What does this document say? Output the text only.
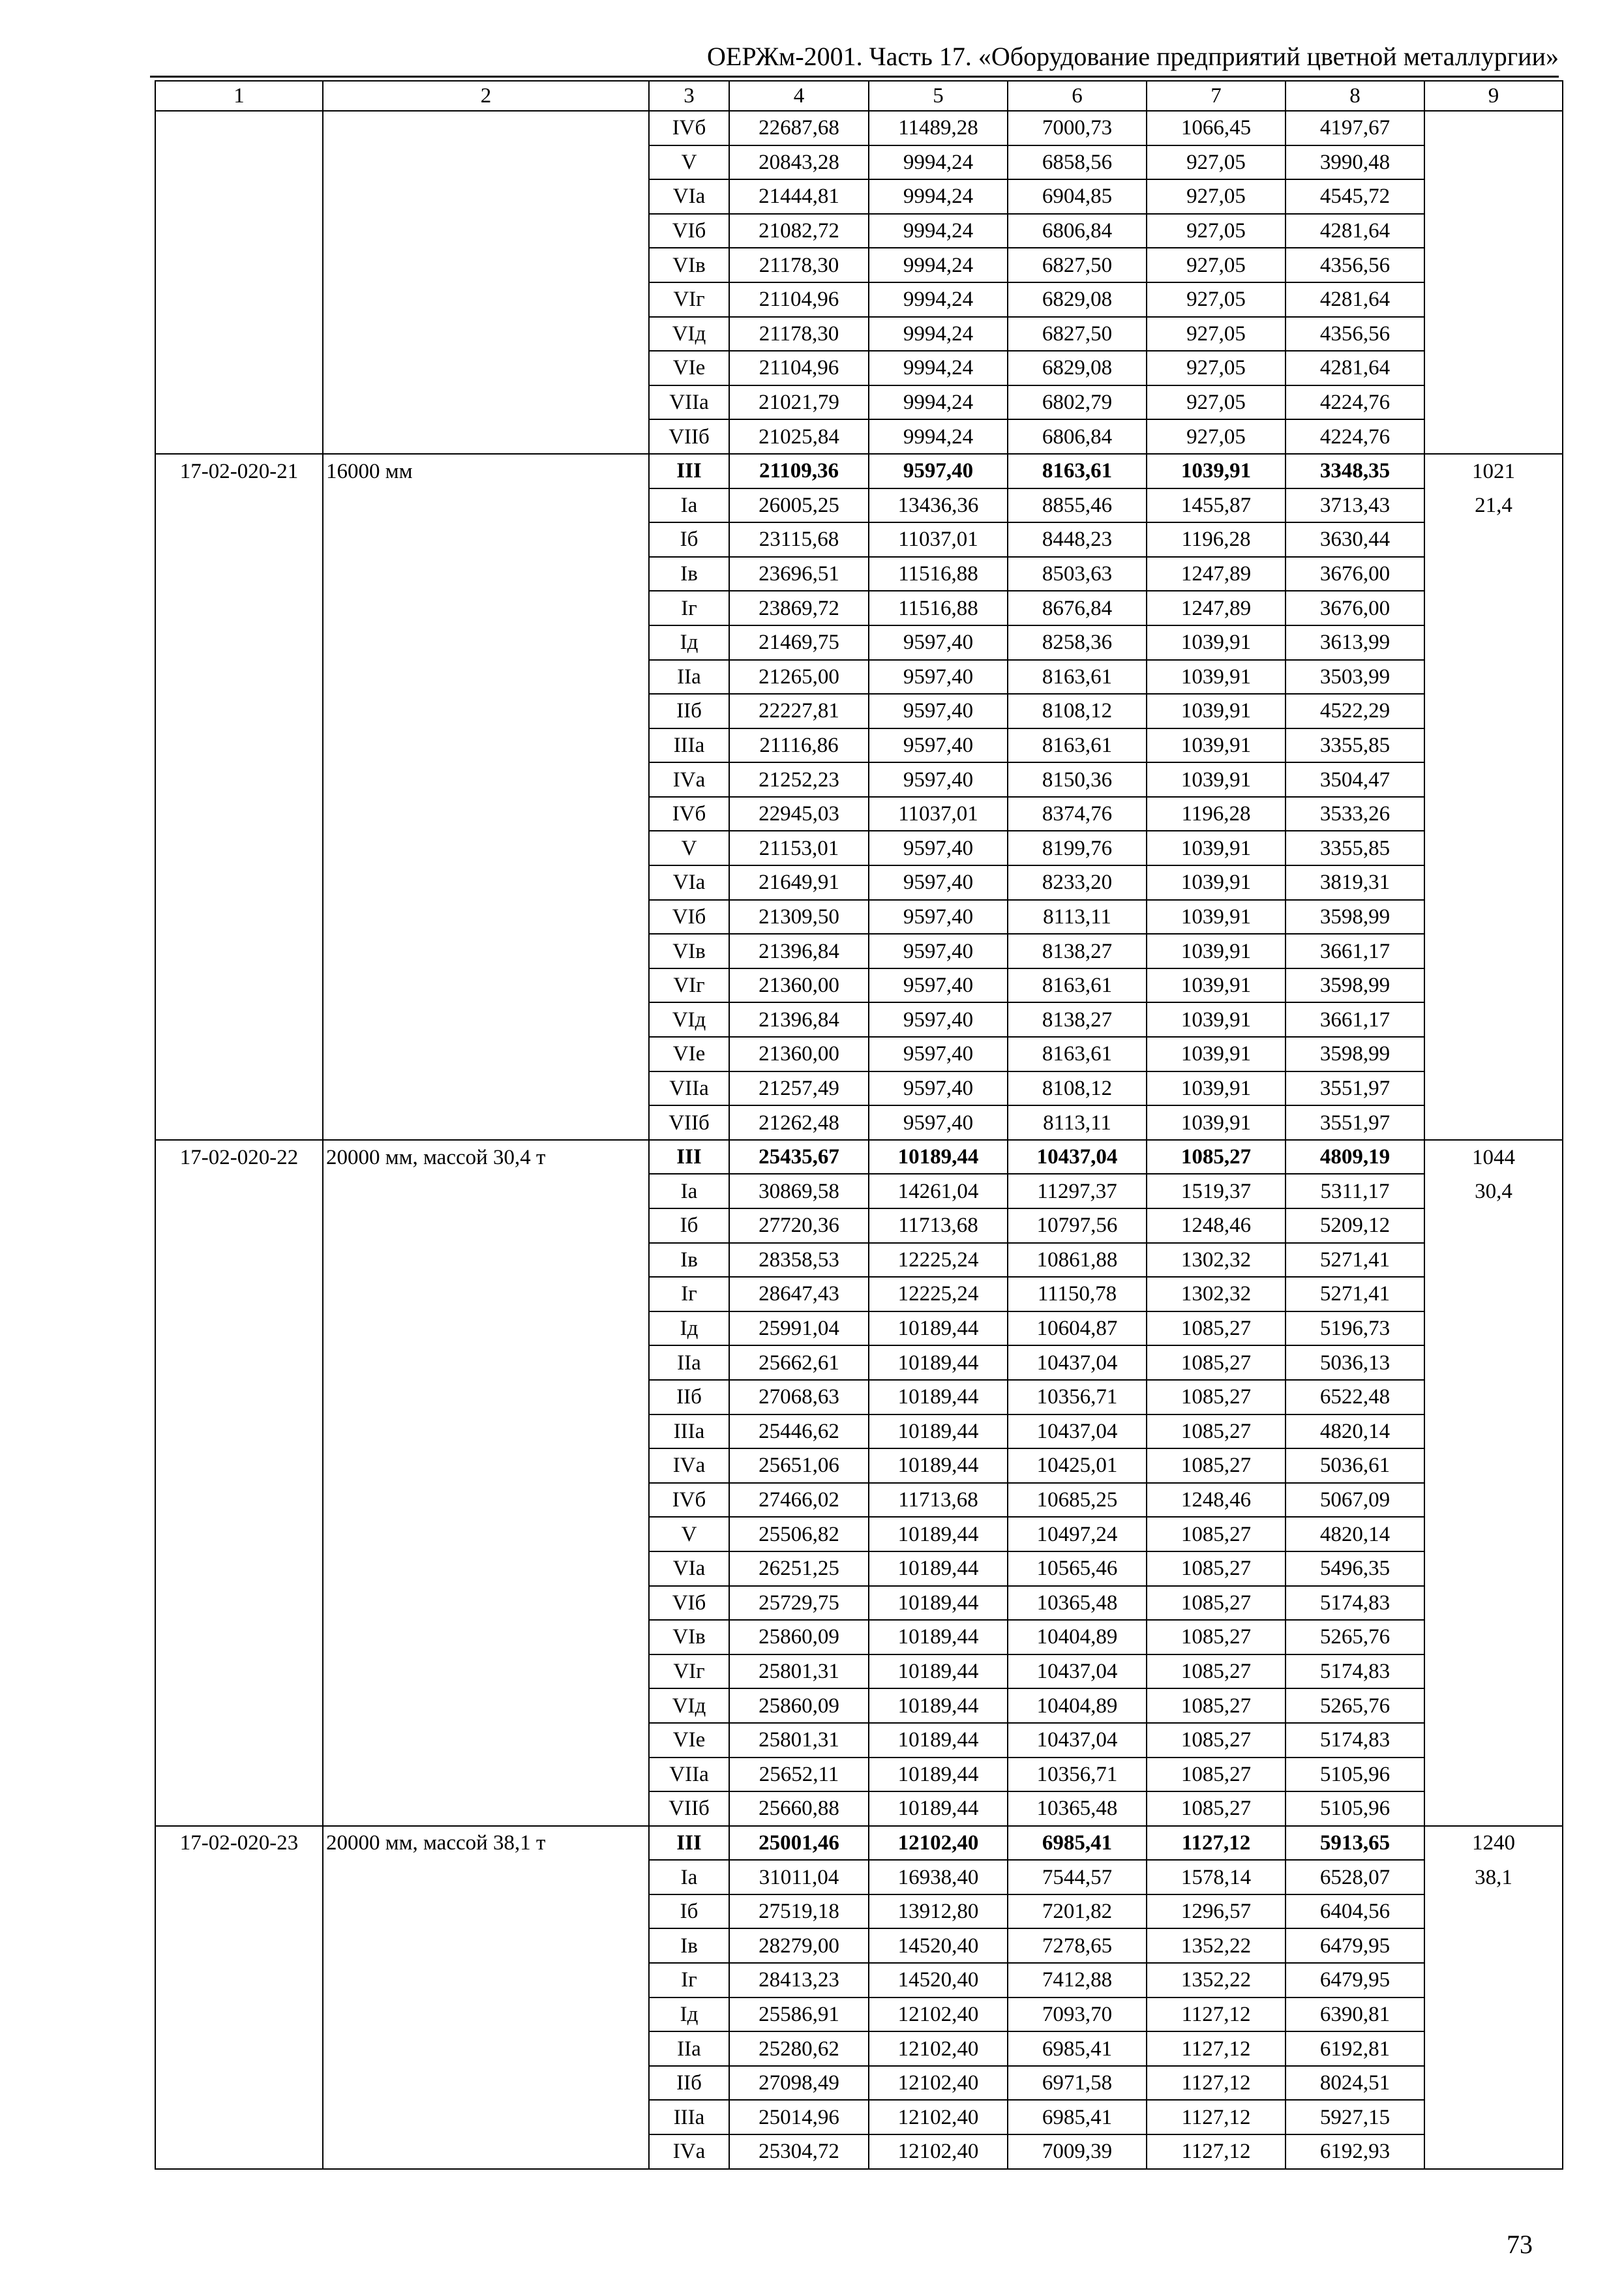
ОЕРЖм-2001. Часть 17. «Оборудование предприятий цветной металлургии»
1	2	3	4	5	6	7	8	9
		IVб	22687,68	11489,28	7000,73	1066,45	4197,67	
		V	20843,28	9994,24	6858,56	927,05	3990,48	
		VIа	21444,81	9994,24	6904,85	927,05	4545,72	
		VIб	21082,72	9994,24	6806,84	927,05	4281,64	
		VIв	21178,30	9994,24	6827,50	927,05	4356,56	
		VIг	21104,96	9994,24	6829,08	927,05	4281,64	
		VIд	21178,30	9994,24	6827,50	927,05	4356,56	
		VIе	21104,96	9994,24	6829,08	927,05	4281,64	
		VIIа	21021,79	9994,24	6802,79	927,05	4224,76	
		VIIб	21025,84	9994,24	6806,84	927,05	4224,76	
17-02-020-21	16000 мм	III	21109,36	9597,40	8163,61	1039,91	3348,35	1021
		Iа	26005,25	13436,36	8855,46	1455,87	3713,43	21,4
		Iб	23115,68	11037,01	8448,23	1196,28	3630,44	
		Iв	23696,51	11516,88	8503,63	1247,89	3676,00	
		Iг	23869,72	11516,88	8676,84	1247,89	3676,00	
		Iд	21469,75	9597,40	8258,36	1039,91	3613,99	
		IIа	21265,00	9597,40	8163,61	1039,91	3503,99	
		IIб	22227,81	9597,40	8108,12	1039,91	4522,29	
		IIIа	21116,86	9597,40	8163,61	1039,91	3355,85	
		IVа	21252,23	9597,40	8150,36	1039,91	3504,47	
		IVб	22945,03	11037,01	8374,76	1196,28	3533,26	
		V	21153,01	9597,40	8199,76	1039,91	3355,85	
		VIа	21649,91	9597,40	8233,20	1039,91	3819,31	
		VIб	21309,50	9597,40	8113,11	1039,91	3598,99	
		VIв	21396,84	9597,40	8138,27	1039,91	3661,17	
		VIг	21360,00	9597,40	8163,61	1039,91	3598,99	
		VIд	21396,84	9597,40	8138,27	1039,91	3661,17	
		VIе	21360,00	9597,40	8163,61	1039,91	3598,99	
		VIIа	21257,49	9597,40	8108,12	1039,91	3551,97	
		VIIб	21262,48	9597,40	8113,11	1039,91	3551,97	
17-02-020-22	20000 мм, массой 30,4 т	III	25435,67	10189,44	10437,04	1085,27	4809,19	1044
		Iа	30869,58	14261,04	11297,37	1519,37	5311,17	30,4
		Iб	27720,36	11713,68	10797,56	1248,46	5209,12	
		Iв	28358,53	12225,24	10861,88	1302,32	5271,41	
		Iг	28647,43	12225,24	11150,78	1302,32	5271,41	
		Iд	25991,04	10189,44	10604,87	1085,27	5196,73	
		IIа	25662,61	10189,44	10437,04	1085,27	5036,13	
		IIб	27068,63	10189,44	10356,71	1085,27	6522,48	
		IIIа	25446,62	10189,44	10437,04	1085,27	4820,14	
		IVа	25651,06	10189,44	10425,01	1085,27	5036,61	
		IVб	27466,02	11713,68	10685,25	1248,46	5067,09	
		V	25506,82	10189,44	10497,24	1085,27	4820,14	
		VIа	26251,25	10189,44	10565,46	1085,27	5496,35	
		VIб	25729,75	10189,44	10365,48	1085,27	5174,83	
		VIв	25860,09	10189,44	10404,89	1085,27	5265,76	
		VIг	25801,31	10189,44	10437,04	1085,27	5174,83	
		VIд	25860,09	10189,44	10404,89	1085,27	5265,76	
		VIе	25801,31	10189,44	10437,04	1085,27	5174,83	
		VIIа	25652,11	10189,44	10356,71	1085,27	5105,96	
		VIIб	25660,88	10189,44	10365,48	1085,27	5105,96	
17-02-020-23	20000 мм, массой 38,1 т	III	25001,46	12102,40	6985,41	1127,12	5913,65	1240
		Iа	31011,04	16938,40	7544,57	1578,14	6528,07	38,1
		Iб	27519,18	13912,80	7201,82	1296,57	6404,56	
		Iв	28279,00	14520,40	7278,65	1352,22	6479,95	
		Iг	28413,23	14520,40	7412,88	1352,22	6479,95	
		Iд	25586,91	12102,40	7093,70	1127,12	6390,81	
		IIа	25280,62	12102,40	6985,41	1127,12	6192,81	
		IIб	27098,49	12102,40	6971,58	1127,12	8024,51	
		IIIа	25014,96	12102,40	6985,41	1127,12	5927,15	
		IVа	25304,72	12102,40	7009,39	1127,12	6192,93	
73
